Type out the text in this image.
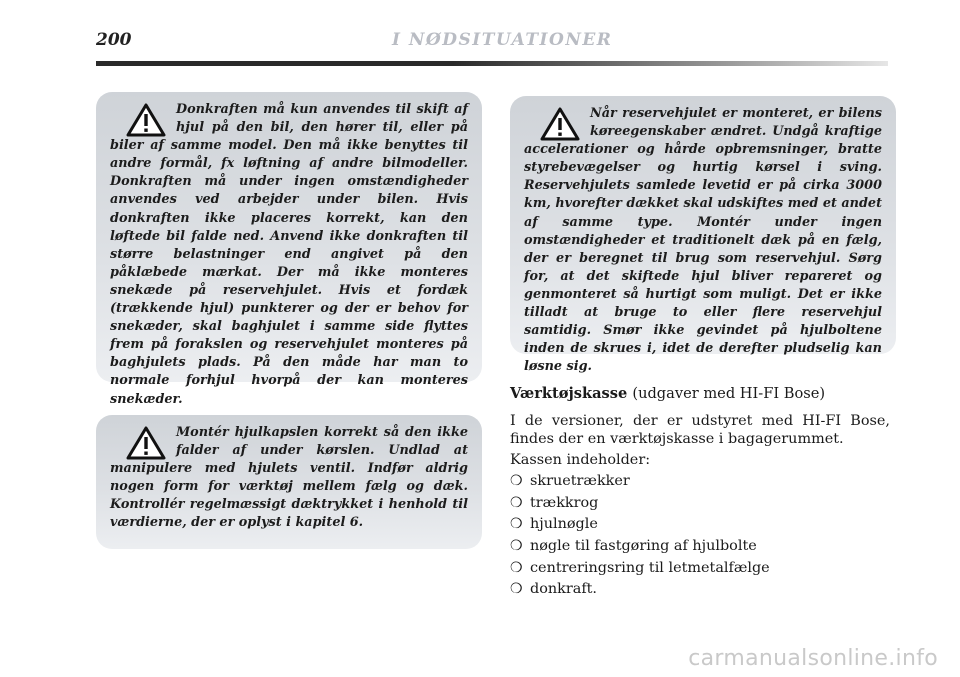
200	I NØDSITUATIONER

Donkraften må kun anvendes til skift af hjul på den bil, den hører til, eller på biler af samme model. Den må ikke benyttes til andre formål, fx løftning af andre bilmodeller. Donkraften må under ingen omstændigheder anvendes ved arbejder under bilen. Hvis donkraften ikke placeres korrekt, kan den løftede bil falde ned. Anvend ikke donkraften til større belastninger end angivet på den påklæbede mærkat. Der må ikke monteres snekæde på reservehjulet. Hvis et fordæk (trækkende hjul) punkterer og der er behov for snekæder, skal baghjulet i samme side flyttes frem på forakslen og reservehjulet monteres på baghjulets plads. På den måde har man to normale forhjul hvorpå der kan monteres snekæder.

Montér hjulkapslen korrekt så den ikke falder af under kørslen. Undlad at manipulere med hjulets ventil. Indfør aldrig nogen form for værktøj mellem fælg og dæk. Kontrollér regelmæssigt dæktrykket i henhold til værdierne, der er oplyst i kapitel 6.

Når reservehjulet er monteret, er bilens køreegenskaber ændret. Undgå kraftige accelerationer og hårde opbremsninger, bratte styrebevægelser og hurtig kørsel i sving. Reservehjulets samlede levetid er på cirka 3000 km, hvorefter dækket skal udskiftes med et andet af samme type. Montér under ingen omstændigheder et traditionelt dæk på en fælg, der er beregnet til brug som reservehjul. Sørg for, at det skiftede hjul bliver repareret og genmonteret så hurtigt som muligt. Det er ikke tilladt at bruge to eller flere reservehjul samtidig. Smør ikke gevindet på hjulboltene inden de skrues i, idet de derefter pludselig kan løsne sig.

Værktøjskasse (udgaver med HI-FI Bose)

I de versioner, der er udstyret med HI-FI Bose, findes der en værktøjskasse i bagagerummet.

Kassen indeholder:

❍ skruetrækker
❍ trækkrog
❍ hjulnøgle
❍ nøgle til fastgøring af hjulbolte
❍ centreringsring til letmetalfælge
❍ donkraft.
carmanualsonline.info
